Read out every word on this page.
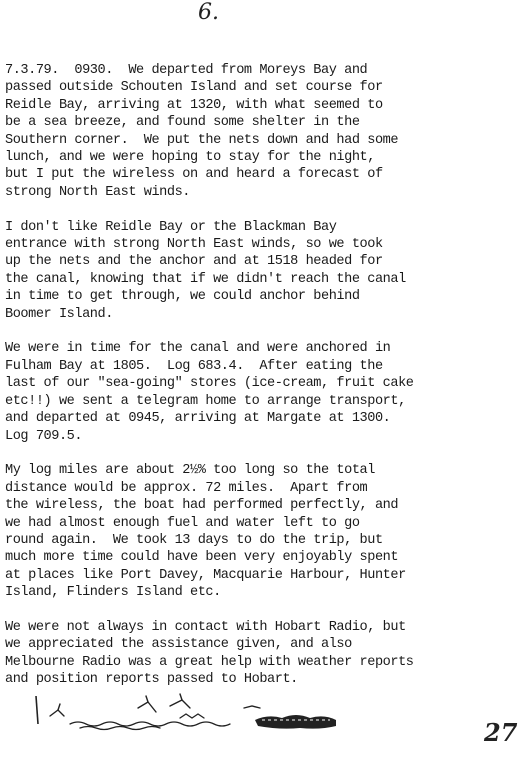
6.

7.3.79.  0930.  We departed from Moreys Bay and
passed outside Schouten Island and set course for
Reidle Bay, arriving at 1320, with what seemed to
be a sea breeze, and found some shelter in the
Southern corner.  We put the nets down and had some
lunch, and we were hoping to stay for the night,
but I put the wireless on and heard a forecast of
strong North East winds.

I don't like Reidle Bay or the Blackman Bay
entrance with strong North East winds, so we took
up the nets and the anchor and at 1518 headed for
the canal, knowing that if we didn't reach the canal
in time to get through, we could anchor behind
Boomer Island.

We were in time for the canal and were anchored in
Fulham Bay at 1805.  Log 683.4.  After eating the
last of our "sea-going" stores (ice-cream, fruit cake
etc!!) we sent a telegram home to arrange transport,
and departed at 0945, arriving at Margate at 1300.
Log 709.5.

My log miles are about 2½% too long so the total
distance would be approx. 72 miles.  Apart from
the wireless, the boat had performed perfectly, and
we had almost enough fuel and water left to go
round again.  We took 13 days to do the trip, but
much more time could have been very enjoyably spent
at places like Port Davey, Macquarie Harbour, Hunter
Island, Flinders Island etc.

We were not always in contact with Hobart Radio, but
we appreciated the assistance given, and also
Melbourne Radio was a great help with weather reports
and position reports passed to Hobart.

27
